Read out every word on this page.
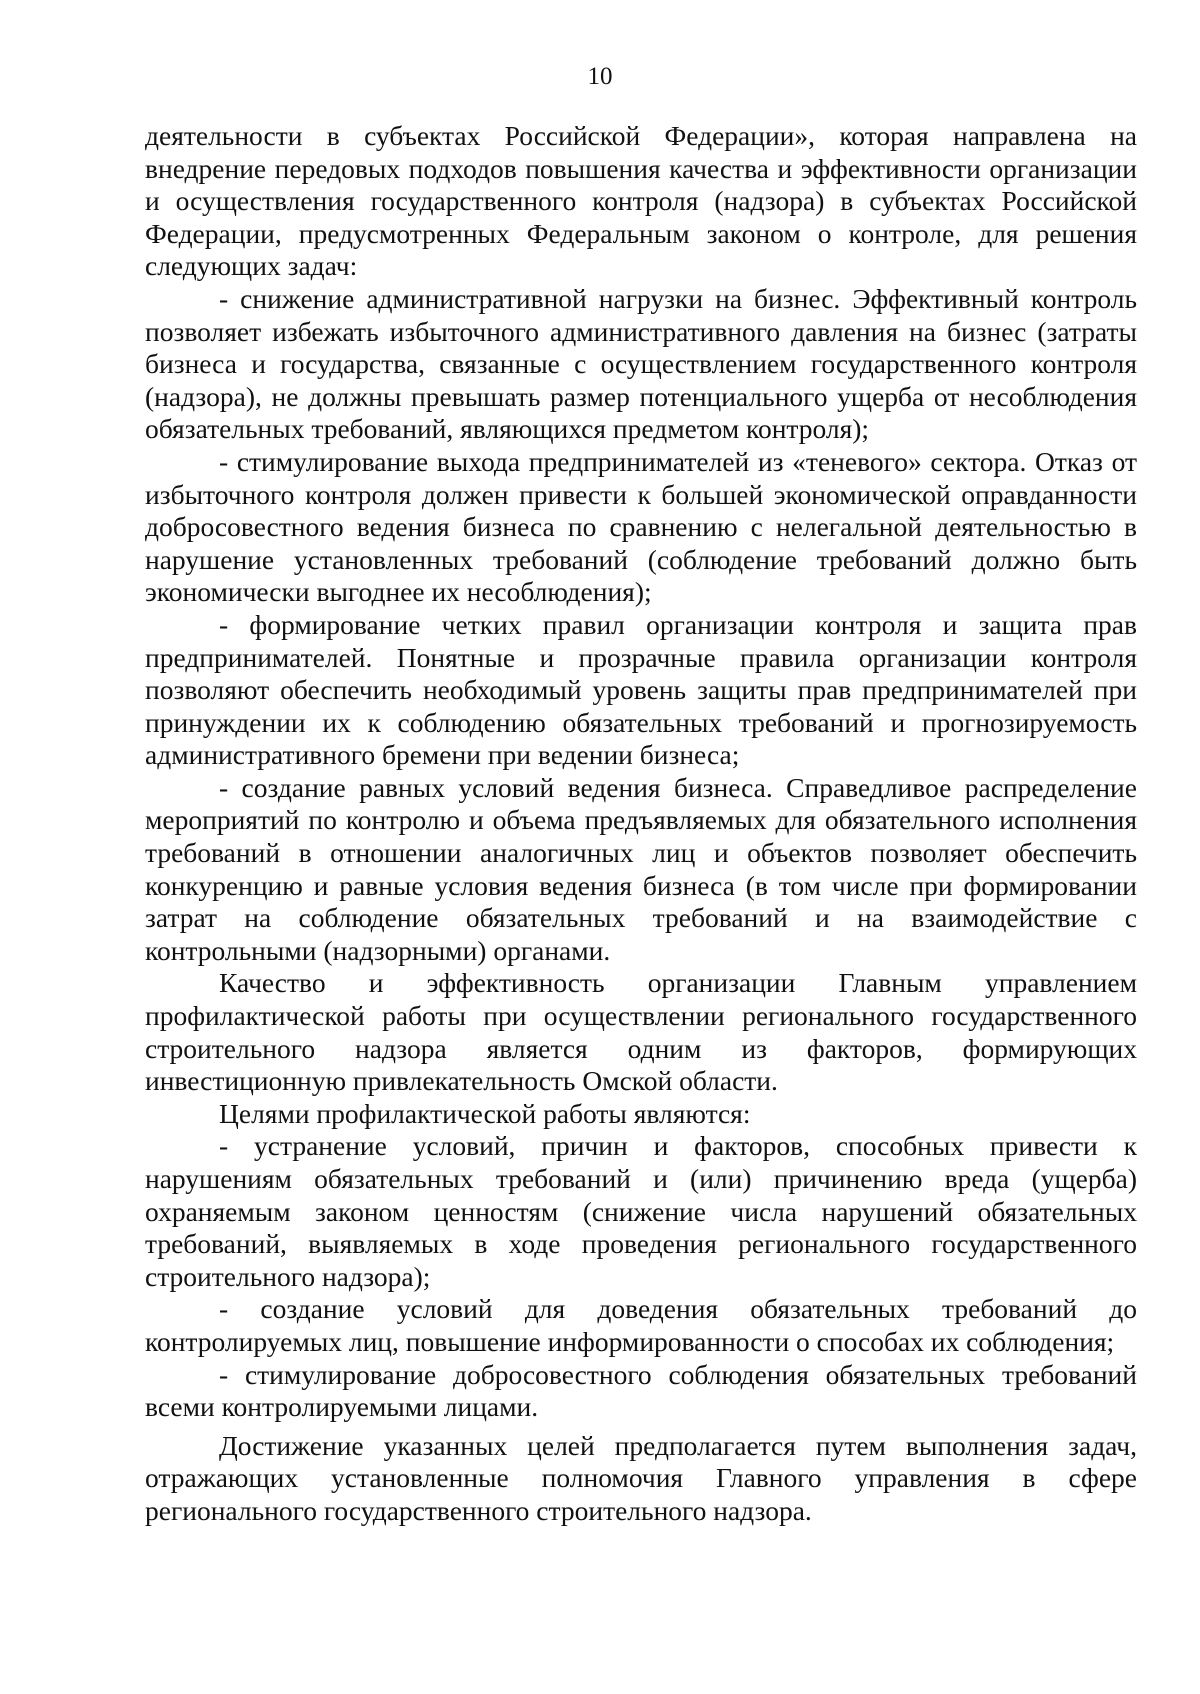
10

деятельности в субъектах Российской Федерации», которая направлена на внедрение передовых подходов повышения качества и эффективности организации и осуществления государственного контроля (надзора) в субъектах Российской Федерации, предусмотренных Федеральным законом о контроле, для решения следующих задач:

- снижение административной нагрузки на бизнес. Эффективный контроль позволяет избежать избыточного административного давления на бизнес (затраты бизнеса и государства, связанные с осуществлением государственного контроля (надзора), не должны превышать размер потенциального ущерба от несоблюдения обязательных требований, являющихся предметом контроля);

- стимулирование выхода предпринимателей из «теневого» сектора. Отказ от избыточного контроля должен привести к большей экономической оправданности добросовестного ведения бизнеса по сравнению с нелегальной деятельностью в нарушение установленных требований (соблюдение требований должно быть экономически выгоднее их несоблюдения);

- формирование четких правил организации контроля и защита прав предпринимателей. Понятные и прозрачные правила организации контроля позволяют обеспечить необходимый уровень защиты прав предпринимателей при принуждении их к соблюдению обязательных требований и прогнозируемость административного бремени при ведении бизнеса;

- создание равных условий ведения бизнеса. Справедливое распределение мероприятий по контролю и объема предъявляемых для обязательного исполнения требований в отношении аналогичных лиц и объектов позволяет обеспечить конкуренцию и равные условия ведения бизнеса (в том числе при формировании затрат на соблюдение обязательных требований и на взаимодействие с контрольными (надзорными) органами.

Качество и эффективность организации Главным управлением профилактической работы при осуществлении регионального государственного строительного надзора является одним из факторов, формирующих инвестиционную привлекательность Омской области.

Целями профилактической работы являются:

- устранение условий, причин и факторов, способных привести к нарушениям обязательных требований и (или) причинению вреда (ущерба) охраняемым законом ценностям (снижение числа нарушений обязательных требований, выявляемых в ходе проведения регионального государственного строительного надзора);

- создание условий для доведения обязательных требований до контролируемых лиц, повышение информированности о способах их соблюдения;

- стимулирование добросовестного соблюдения обязательных требований всеми контролируемыми лицами.

Достижение указанных целей предполагается путем выполнения задач, отражающих установленные полномочия Главного управления в сфере регионального государственного строительного надзора.
